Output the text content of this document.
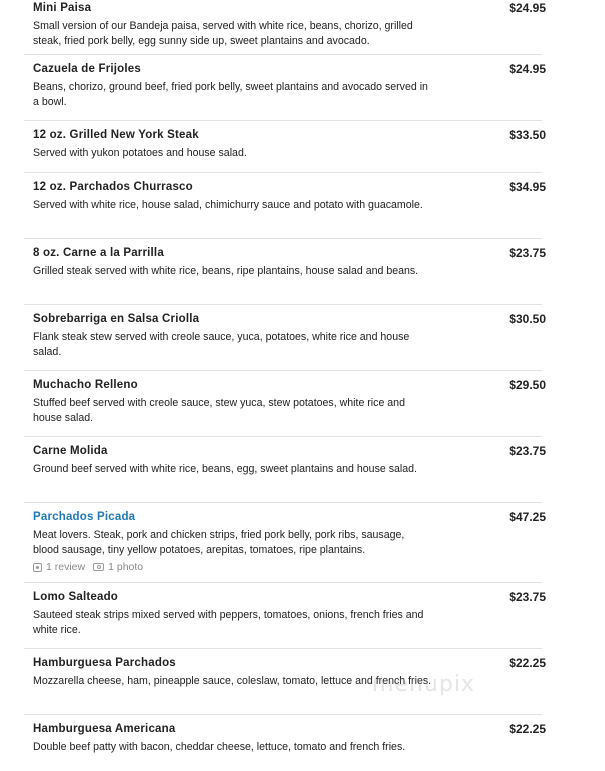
Mini Paisa	$24.95
Small version of our Bandeja paisa, served with white rice, beans, chorizo, grilled steak, fried pork belly, egg sunny side up, sweet plantains and avocado.
Cazuela de Frijoles	$24.95
Beans, chorizo, ground beef, fried pork belly, sweet plantains and avocado served in a bowl.
12 oz. Grilled New York Steak	$33.50
Served with yukon potatoes and house salad.
12 oz. Parchados Churrasco	$34.95
Served with white rice, house salad, chimichurry sauce and potato with guacamole.
8 oz. Carne a la Parrilla	$23.75
Grilled steak served with white rice, beans, ripe plantains, house salad and beans.
Sobrebarriga en Salsa Criolla	$30.50
Flank steak stew served with creole sauce, yuca, potatoes, white rice and house salad.
Muchacho Relleno	$29.50
Stuffed beef served with creole sauce, stew yuca, stew potatoes, white rice and house salad.
Carne Molida	$23.75
Ground beef served with white rice, beans, egg, sweet plantains and house salad.
Parchados Picada	$47.25
Meat lovers. Steak, pork and chicken strips, fried pork belly, pork ribs, sausage, blood sausage, tiny yellow potatoes, arepitas, tomatoes, ripe plantains.
1 review 1 photo
Lomo Salteado	$23.75
Sauteed steak strips mixed served with peppers, tomatoes, onions, french fries and white rice.
Hamburguesa Parchados	$22.25
Mozzarella cheese, ham, pineapple sauce, coleslaw, tomato, lettuce and french fries.
Hamburguesa Americana	$22.25
Double beef patty with bacon, cheddar cheese, lettuce, tomato and french fries.
menupix
